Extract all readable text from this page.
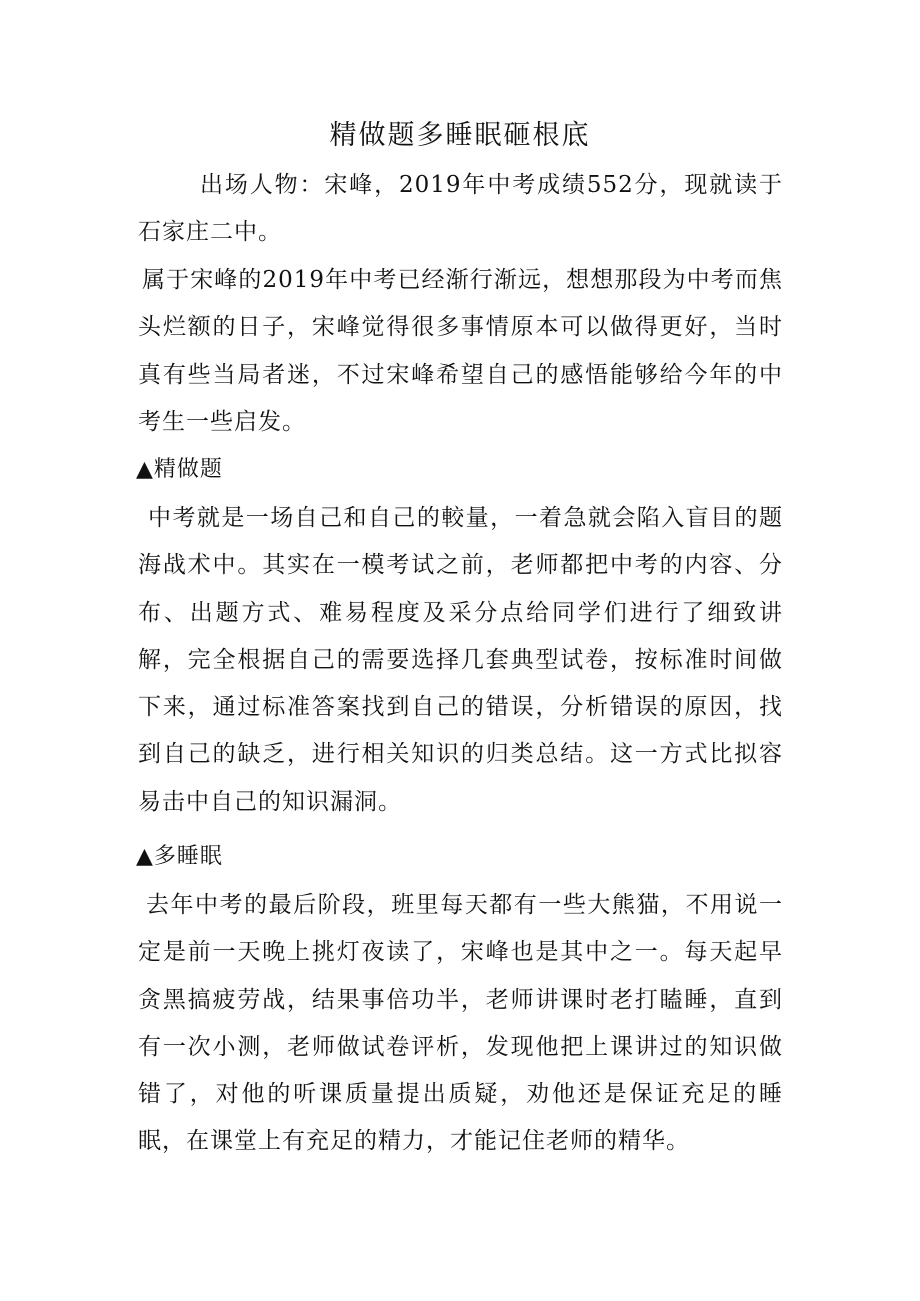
精做题多睡眠砸根底
出场人物：宋峰，2019年中考成绩552分，现就读于石家庄二中。
属于宋峰的2019年中考已经渐行渐远，想想那段为中考而焦头烂额的日子，宋峰觉得很多事情原本可以做得更好，当时真有些当局者迷，不过宋峰希望自己的感悟能够给今年的中考生一些启发。
▲精做题
中考就是一场自己和自己的較量，一着急就会陷入盲目的题海战术中。其实在一模考试之前，老师都把中考的内容、分布、出题方式、难易程度及采分点给同学们进行了细致讲解，完全根据自己的需要选择几套典型试卷，按标准时间做下来，通过标准答案找到自己的错误，分析错误的原因，找到自己的缺乏，进行相关知识的归类总结。这一方式比拟容易击中自己的知识漏洞。
▲多睡眠
去年中考的最后阶段，班里每天都有一些大熊猫，不用说一定是前一天晚上挑灯夜读了，宋峰也是其中之一。每天起早贪黑搞疲劳战，结果事倍功半，老师讲课时老打瞌睡，直到有一次小测，老师做试卷评析，发现他把上课讲过的知识做错了，对他的听课质量提出质疑，劝他还是保证充足的睡眠，在课堂上有充足的精力，才能记住老师的精华。
